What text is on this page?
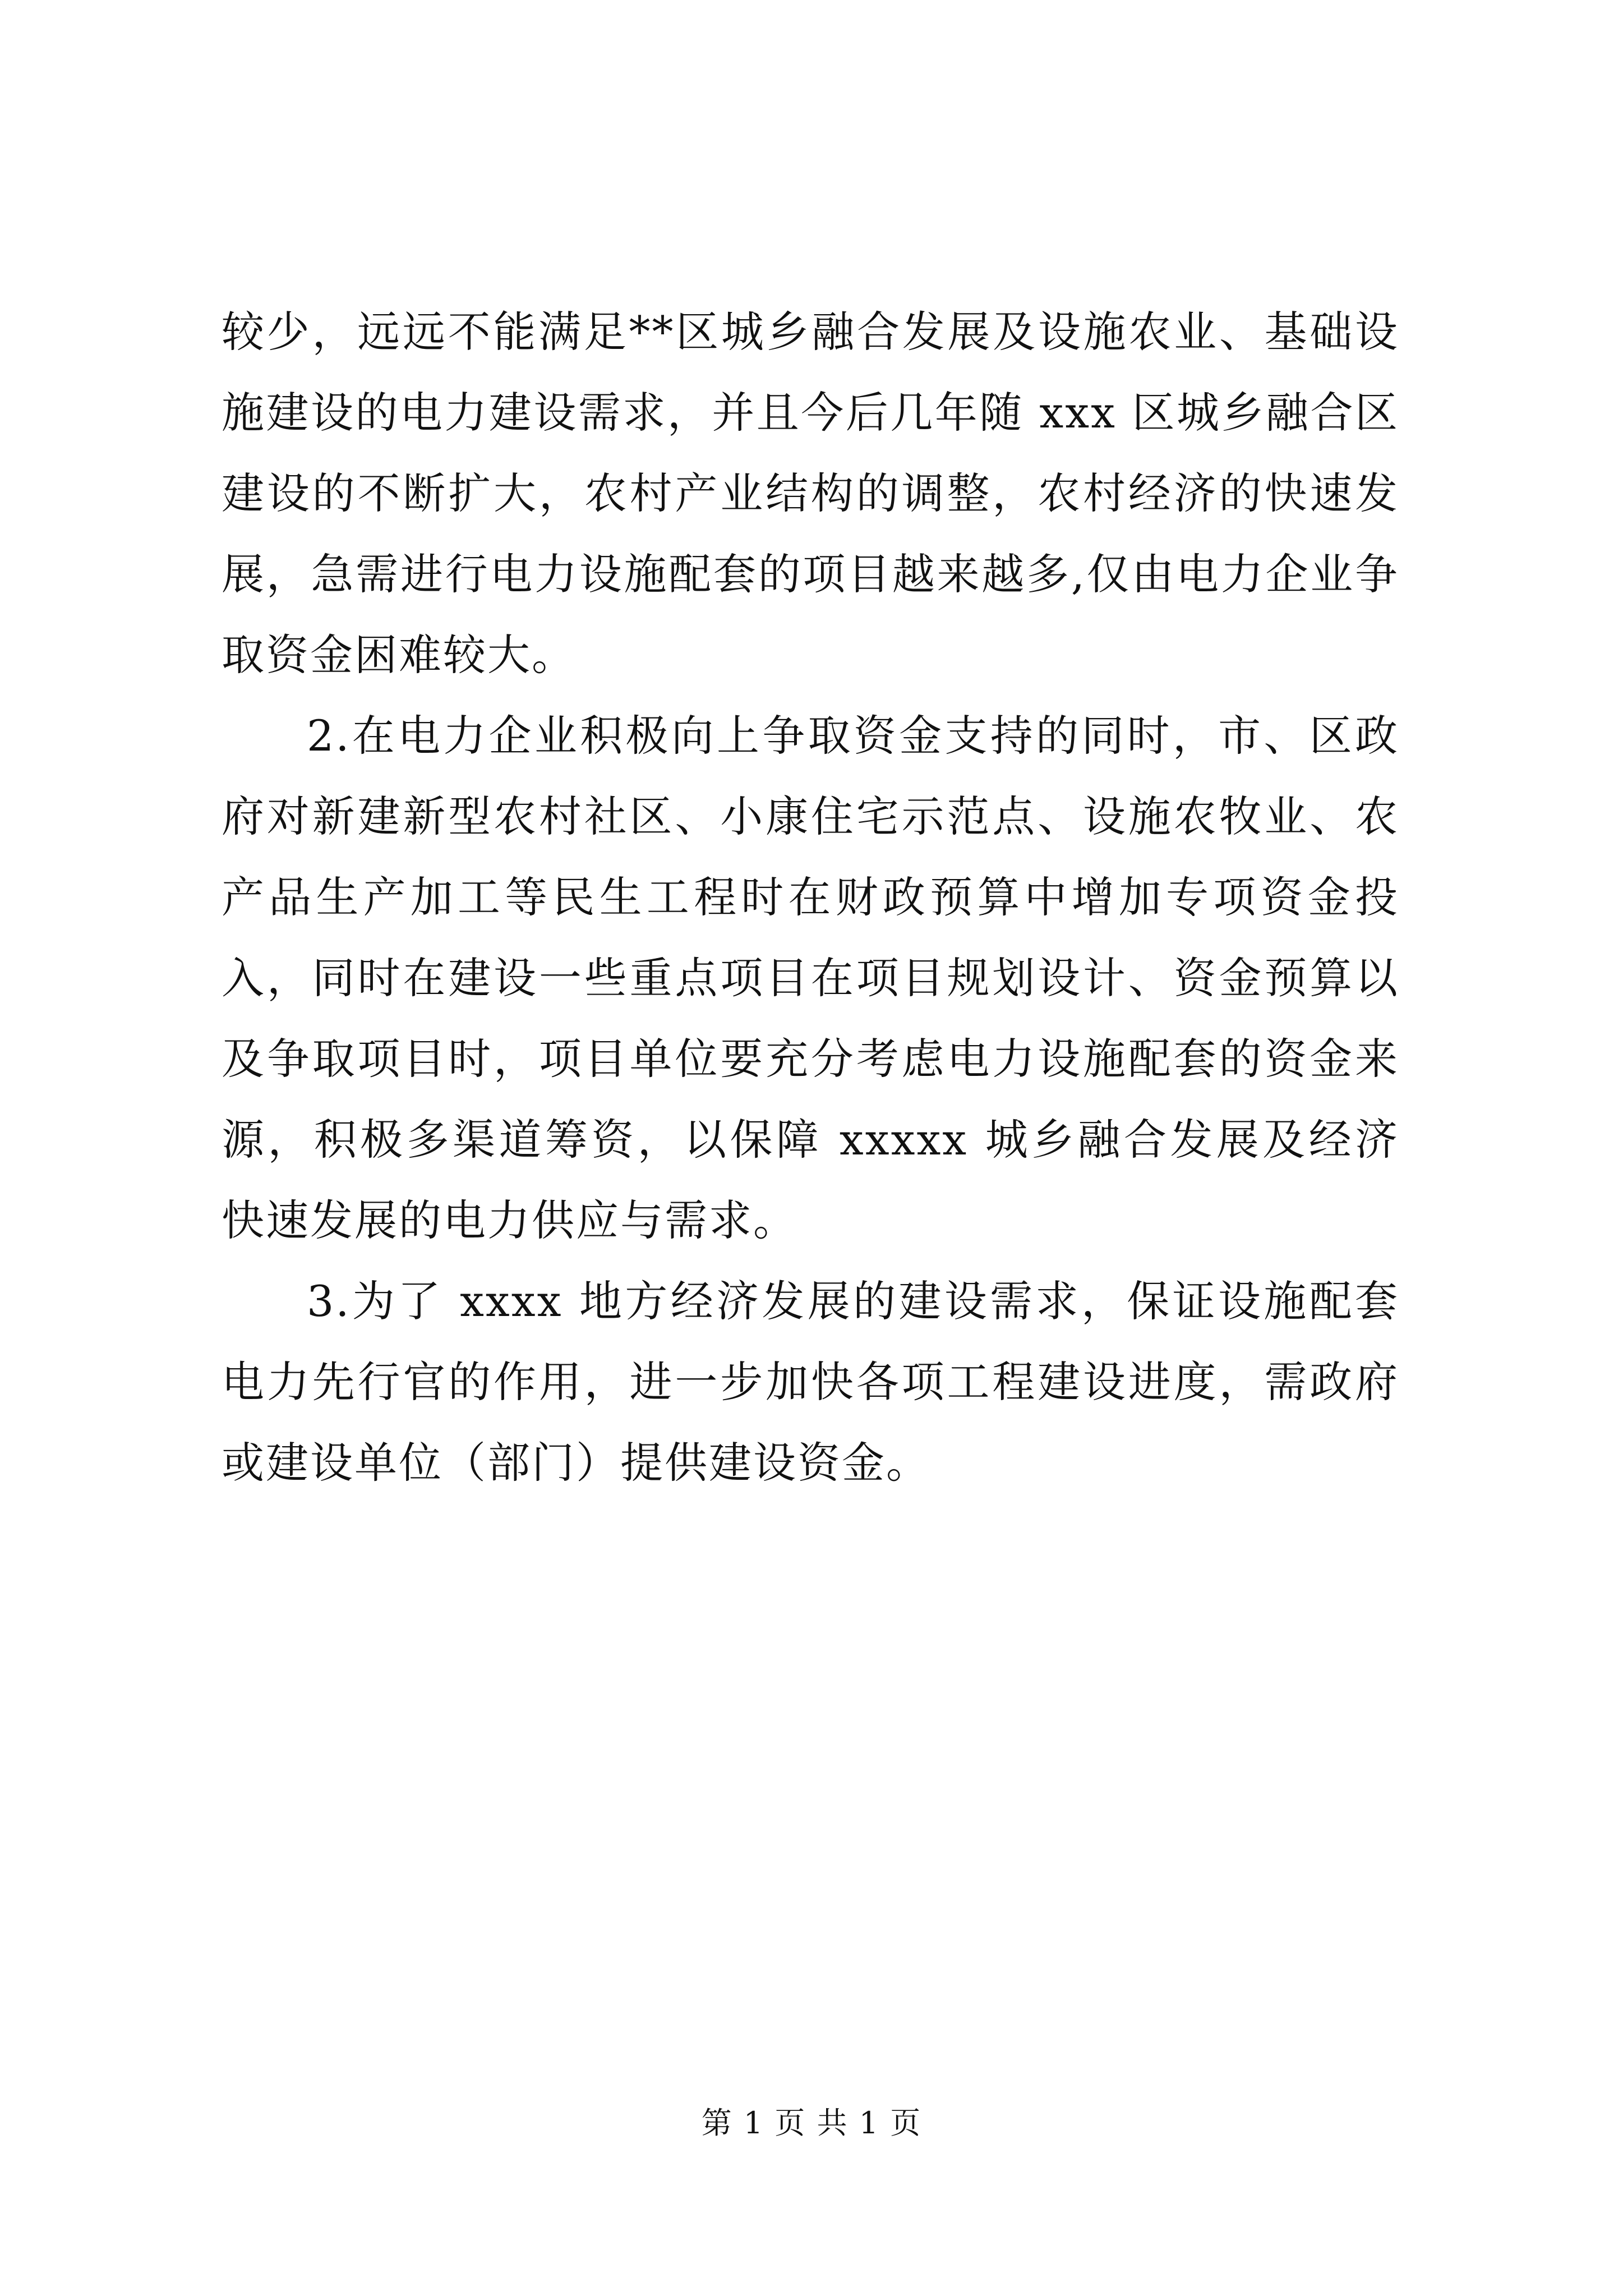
较少，远远不能满足**区城乡融合发展及设施农业、基础设施建设的电力建设需求，并且今后几年随 xxx 区城乡融合区建设的不断扩大，农村产业结构的调整，农村经济的快速发展，急需进行电力设施配套的项目越来越多,仅由电力企业争取资金困难较大。

2.在电力企业积极向上争取资金支持的同时，市、区政府对新建新型农村社区、小康住宅示范点、设施农牧业、农产品生产加工等民生工程时在财政预算中增加专项资金投入，同时在建设一些重点项目在项目规划设计、资金预算以及争取项目时，项目单位要充分考虑电力设施配套的资金来源，积极多渠道筹资，以保障 xxxxx 城乡融合发展及经济快速发展的电力供应与需求。

3.为了 xxxx 地方经济发展的建设需求，保证设施配套电力先行官的作用，进一步加快各项工程建设进度，需政府或建设单位（部门）提供建设资金。

第 1 页 共 1 页
